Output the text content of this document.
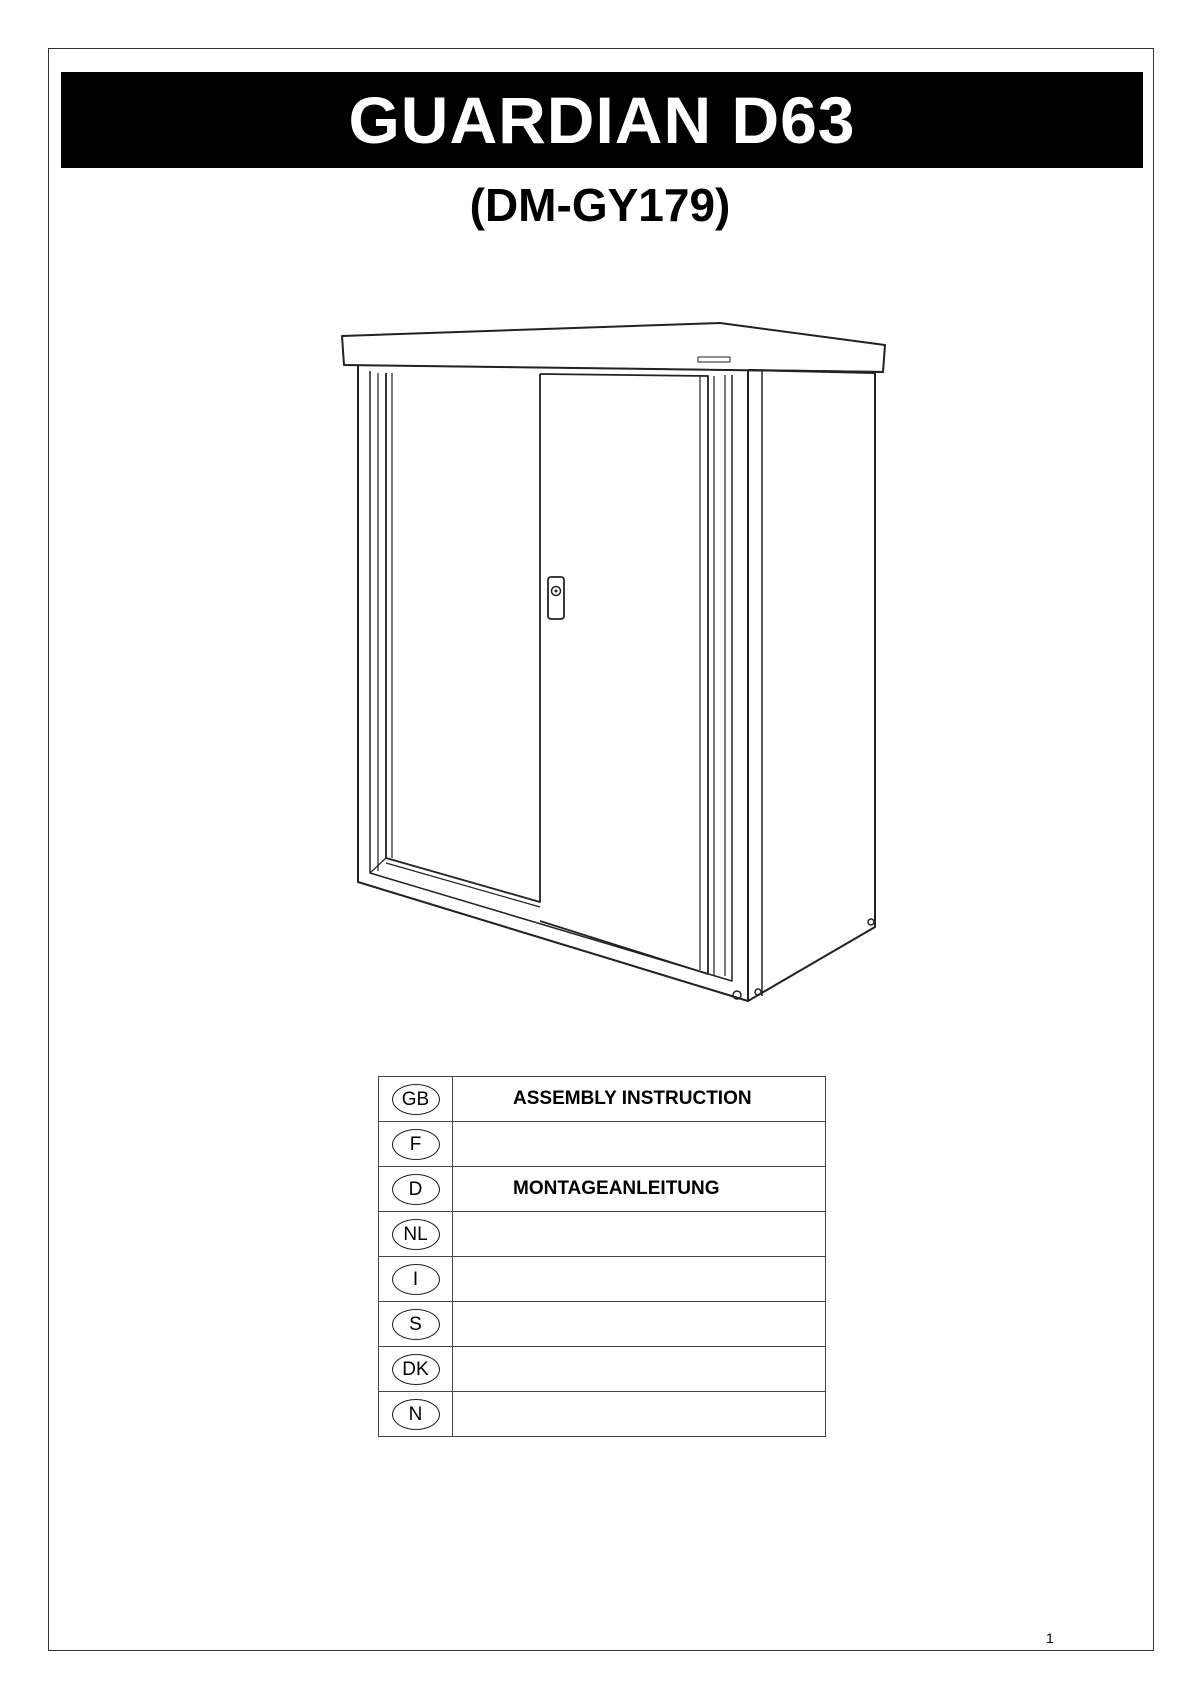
GUARDIAN D63
(DM-GY179)
GB	ASSEMBLY INSTRUCTION
F	
D	MONTAGEANLEITUNG
NL	
I	
S	
DK	
N	
1
